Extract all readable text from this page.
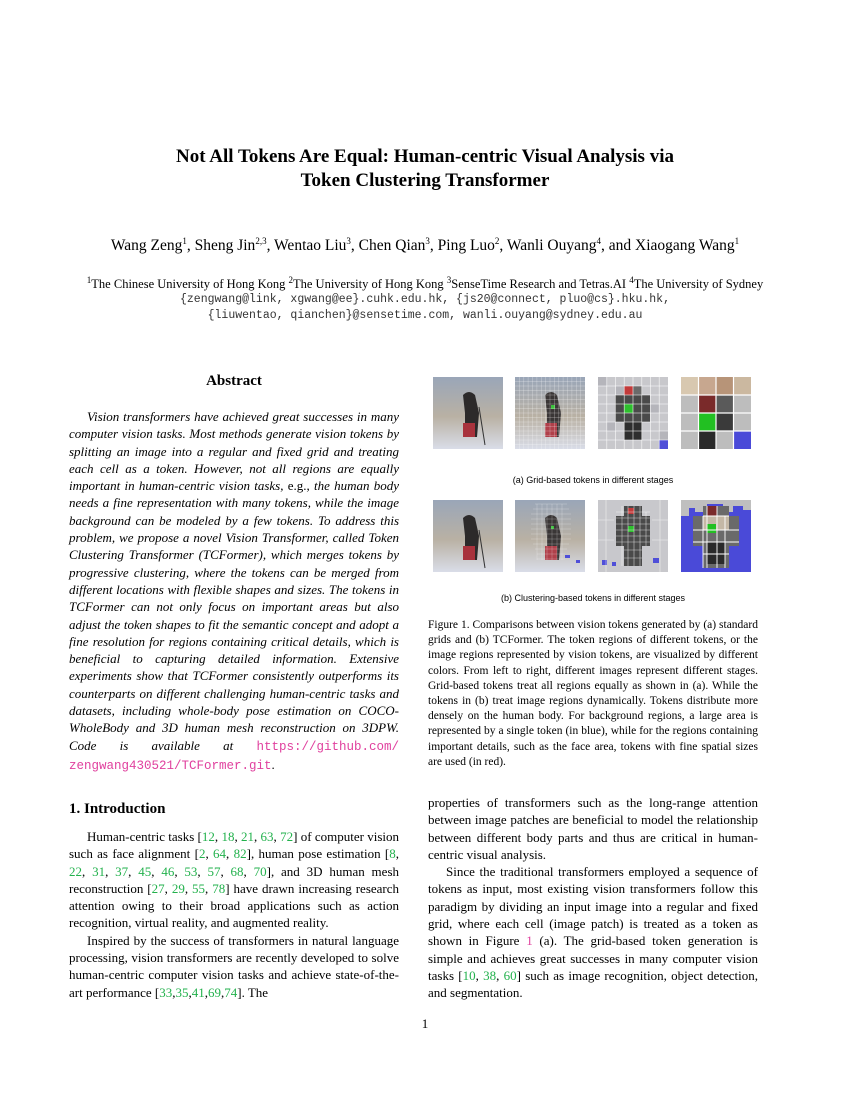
Not All Tokens Are Equal: Human-centric Visual Analysis via
Token Clustering Transformer
Wang Zeng$^1$, Sheng Jin$^{2,3}$, Wentao Liu$^3$, Chen Qian$^3$, Ping Luo$^2$, Wanli Ouyang$^4$, and Xiaogang Wang$^1$
$^1$The Chinese University of Hong Kong $^2$The University of Hong Kong $^3$SenseTime Research and Tetras.AI $^4$The University of Sydney
{zengwang@link, xgwang@ee}.cuhk.edu.hk, {js20@connect, pluo@cs}.hku.hk,
{liuwentao, qianchen}@sensetime.com, wanli.ouyang@sydney.edu.au
Abstract

Vision transformers have achieved great successes in many computer vision tasks. Most methods generate vision tokens by splitting an image into a regular and fixed grid and treating each cell as a token. However, not all regions are equally important in human-centric vision tasks, e.g., the human body needs a fine representation with many tokens, while the image background can be modeled by a few tokens. To address this problem, we propose a novel Vision Transformer, called Token Clustering Transformer (TCFormer), which merges tokens by progressive clustering, where the tokens can be merged from different locations with flexible shapes and sizes. The tokens in TCFormer can not only focus on important areas but also adjust the token shapes to fit the semantic concept and adopt a fine resolution for regions containing critical details, which is beneficial to capturing detailed information. Extensive experiments show that TCFormer consistently outperforms its counterparts on different challenging human-centric tasks and datasets, including whole-body pose estimation on COCO-WholeBody and 3D human mesh reconstruction on 3DPW. Code is available at https://github.com/ zengwang430521/TCFormer.git.

(a) Grid-based tokens in different stages
(b) Clustering-based tokens in different stages
Figure 1. Comparisons between vision tokens generated by (a) standard grids and (b) TCFormer. The token regions of different tokens, or the image regions represented by vision tokens, are visualized by different colors. From left to right, different images represent different stages. Grid-based tokens treat all regions equally as shown in (a). While the tokens in (b) treat image regions dynamically. Tokens distribute more densely on the human body. For background regions, a large area is represented by a single token (in blue), while for the regions containing important details, such as the face area, tokens with fine spatial sizes are used (in red).
1. Introduction

Human-centric tasks [12, 18, 21, 63, 72] of computer vision such as face alignment [2, 64, 82], human pose estimation [8, 22, 31, 37, 45, 46, 53, 57, 68, 70], and 3D human mesh reconstruction [27, 29, 55, 78] have drawn increasing research attention owing to their broad applications such as action recognition, virtual reality, and augmented reality.

Inspired by the success of transformers in natural language processing, vision transformers are recently developed to solve human-centric computer vision tasks and achieve state-of-the-art performance [33,35,41,69,74]. The

properties of transformers such as the long-range attention between image patches are beneficial to model the relationship between different body parts and thus are critical in human-centric visual analysis.

Since the traditional transformers employed a sequence of tokens as input, most existing vision transformers follow this paradigm by dividing an input image into a regular and fixed grid, where each cell (image patch) is treated as a token as shown in Figure 1 (a). The grid-based token generation is simple and achieves great successes in many computer vision tasks [10, 38, 60] such as image recognition, object detection, and segmentation.

1
